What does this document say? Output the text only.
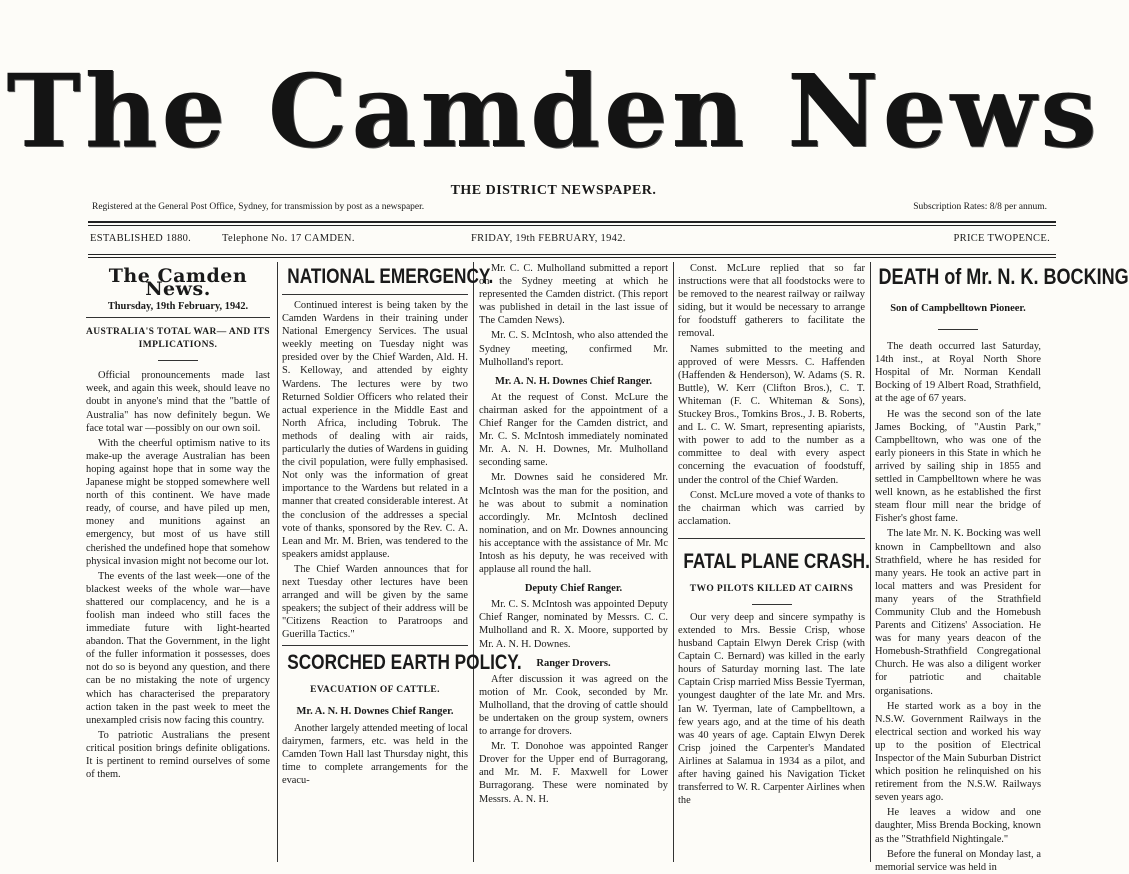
The Camden News
THE DISTRICT NEWSPAPER.
Registered at the General Post Office, Sydney, for transmission by post as a newspaper.	Subscription Rates: 8/8 per annum.
ESTABLISHED 1880.	Telephone No. 17 CAMDEN.	FRIDAY, 19th FEBRUARY, 1942.	PRICE TWOPENCE.
The Camden News.

Thursday, 19th February, 1942.

AUSTRALIA'S TOTAL WAR— AND ITS IMPLICATIONS.

Official pronouncements made last week, and again this week, should leave no doubt in anyone's mind that the "battle of Australia" has now definitely begun. We face total war —possibly on our own soil.

With the cheerful optimism native to its make-up the average Australian has been hoping against hope that in some way the Japanese might be stopped somewhere well north of this continent. We have made ready, of course, and have piled up men, money and munitions against an emergency, but most of us have still cherished the undefined hope that somehow physical invasion might not become our lot.

The events of the last week—one of the blackest weeks of the whole war—have shattered our complacency, and he is a foolish man indeed who still faces the immediate future with light-hearted abandon. That the Government, in the light of the fuller information it possesses, does not do so is beyond any question, and there can be no mistaking the note of urgency which has characterised the preparatory action taken in the past week to meet the unexampled crisis now facing this country.

To patriotic Australians the present critical position brings definite obligations. It is pertinent to remind ourselves of some of them.

NATIONAL EMERGENCY.

Continued interest is being taken by the Camden Wardens in their training under National Emergency Services. The usual weekly meeting on Tuesday night was presided over by the Chief Warden, Ald. H. S. Kelloway, and attended by eighty Wardens. The lectures were by two Returned Soldier Officers who related their actual experience in the Middle East and North Africa, including Tobruk. The methods of dealing with air raids, particularly the duties of Wardens in guiding the civil population, were fully emphasised. Not only was the information of great importance to the Wardens but related in a manner that created considerable interest. At the conclusion of the addresses a special vote of thanks, sponsored by the Rev. C. A. Lean and Mr. M. Brien, was tendered to the speakers amidst applause.

The Chief Warden announces that for next Tuesday other lectures have been arranged and will be given by the same speakers; the subject of their address will be "Citizens Reaction to Paratroops and Guerilla Tactics."

SCORCHED EARTH POLICY.
EVACUATION OF CATTLE.
Mr. A. N. H. Downes Chief Ranger.

Another largely attended meeting of local dairymen, farmers, etc. was held in the Camden Town Hall last Thursday night, this time to complete arrangements for the evacu-

Mr. C. C. Mulholland submitted a report on the Sydney meeting at which he represented the Camden district. (This report was published in detail in the last issue of The Camden News).

Mr. C. S. McIntosh, who also attended the Sydney meeting, confirmed Mr. Mulholland's report.

Mr. A. N. H. Downes Chief Ranger.

At the request of Const. McLure the chairman asked for the appointment of a Chief Ranger for the Camden district, and Mr. C. S. McIntosh immediately nominated Mr. A. N. H. Downes, Mr. Mulholland seconding same.

Mr. Downes said he considered Mr. McIntosh was the man for the position, and he was about to submit a nomination accordingly. Mr. McIntosh declined nomination, and on Mr. Downes announcing his acceptance with the assistance of Mr. Mc Intosh as his deputy, he was received with applause all round the hall.

Deputy Chief Ranger.

Mr. C. S. McIntosh was appointed Deputy Chief Ranger, nominated by Messrs. C. C. Mulholland and R. X. Moore, supported by Mr. A. N. H. Downes.

Ranger Drovers.

After discussion it was agreed on the motion of Mr. Cook, seconded by Mr. Mulholland, that the droving of cattle should be undertaken on the group system, owners to arrange for drovers.

Mr. T. Donohoe was appointed Ranger Drover for the Upper end of Burragorang, and Mr. M. F. Maxwell for Lower Burragorang. These were nominated by Messrs. A. N. H.

Const. McLure replied that so far instructions were that all foodstocks were to be removed to the nearest railway or railway siding, but it would be necessary to arrange for foodstuff gatherers to facilitate the removal.

Names submitted to the meeting and approved of were Messrs. C. Haffenden (Haffenden & Henderson), W. Adams (S. R. Buttle), W. Kerr (Clifton Bros.), C. T. Whiteman (F. C. Whiteman & Sons), Stuckey Bros., Tomkins Bros., J. B. Roberts, and L. C. W. Smart, representing apiarists, with power to add to the number as a committee to deal with every aspect concerning the evacuation of foodstuff, under the control of the Chief Warden.

Const. McLure moved a vote of thanks to the chairman which was carried by acclamation.

FATAL PLANE CRASH.
TWO PILOTS KILLED AT CAIRNS

Our very deep and sincere sympathy is extended to Mrs. Bessie Crisp, whose husband Captain Elwyn Derek Crisp (with Captain C. Bernard) was killed in the early hours of Saturday morning last. The late Captain Crisp married Miss Bessie Tyerman, youngest daughter of the late Mr. and Mrs. Ian W. Tyerman, late of Campbelltown, a few years ago, and at the time of his death was 40 years of age. Captain Elwyn Derek Crisp joined the Carpenter's Mandated Airlines at Salamua in 1934 as a pilot, and after having gained his Navigation Ticket transferred to W. R. Carpenter Airlines when the

DEATH of Mr. N. K. BOCKING
Son of Campbelltown Pioneer.

The death occurred last Saturday, 14th inst., at Royal North Shore Hospital of Mr. Norman Kendall Bocking of 19 Albert Road, Strathfield, at the age of 67 years.

He was the second son of the late James Bocking, of "Austin Park," Campbelltown, who was one of the early pioneers in this State in which he arrived by sailing ship in 1855 and settled in Campbelltown where he was well known, as he established the first steam flour mill near the bridge of Fisher's ghost fame.

The late Mr. N. K. Bocking was well known in Campbelltown and also Strathfield, where he has resided for many years. He took an active part in local matters and was President for many years of the Strathfield Community Club and the Homebush Parents and Citizens' Association. He was for many years deacon of the Homebush-Strathfield Congregational Church. He was also a diligent worker for patriotic and chaitable organisations.

He started work as a boy in the N.S.W. Government Railways in the electrical section and worked his way up to the position of Electrical Inspector of the Main Suburban District which position he relinquished on his retirement from the N.S.W. Railways seven years ago.

He leaves a widow and one daughter, Miss Brenda Bocking, known as the "Strathfield Nightingale."

Before the funeral on Monday last, a memorial service was held in
